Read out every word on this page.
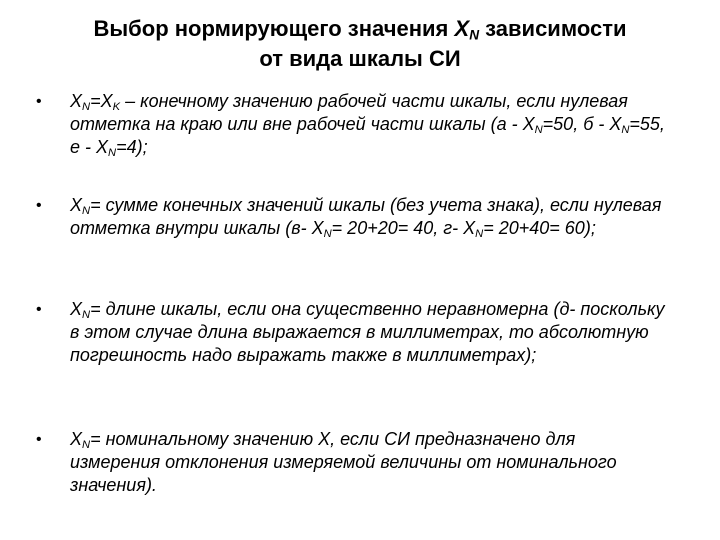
Выбор нормирующего значения $X_N$ зависимости
от вида шкалы СИ
• $X_N=X_K$ – конечному значению рабочей части шкалы, если нулевая отметка на краю или вне рабочей части шкалы ($а - X_N=50$, $б - X_N=55$, $е - X_N=4$);
• $X_N=$ сумме конечных значений шкалы (без учета знака), если нулевая отметка внутри шкалы (в- $X_N= 20+20= 40$, г- $X_N= 20+40= 60$);
• $X_N=$ длине шкалы, если она существенно неравномерна (д- поскольку в этом случае длина выражается в миллиметрах, то абсолютную погрешность надо выражать также в миллиметрах);
• $X_N=$ номинальному значению X, если СИ предназначено для измерения отклонения измеряемой величины от номинального значения).
